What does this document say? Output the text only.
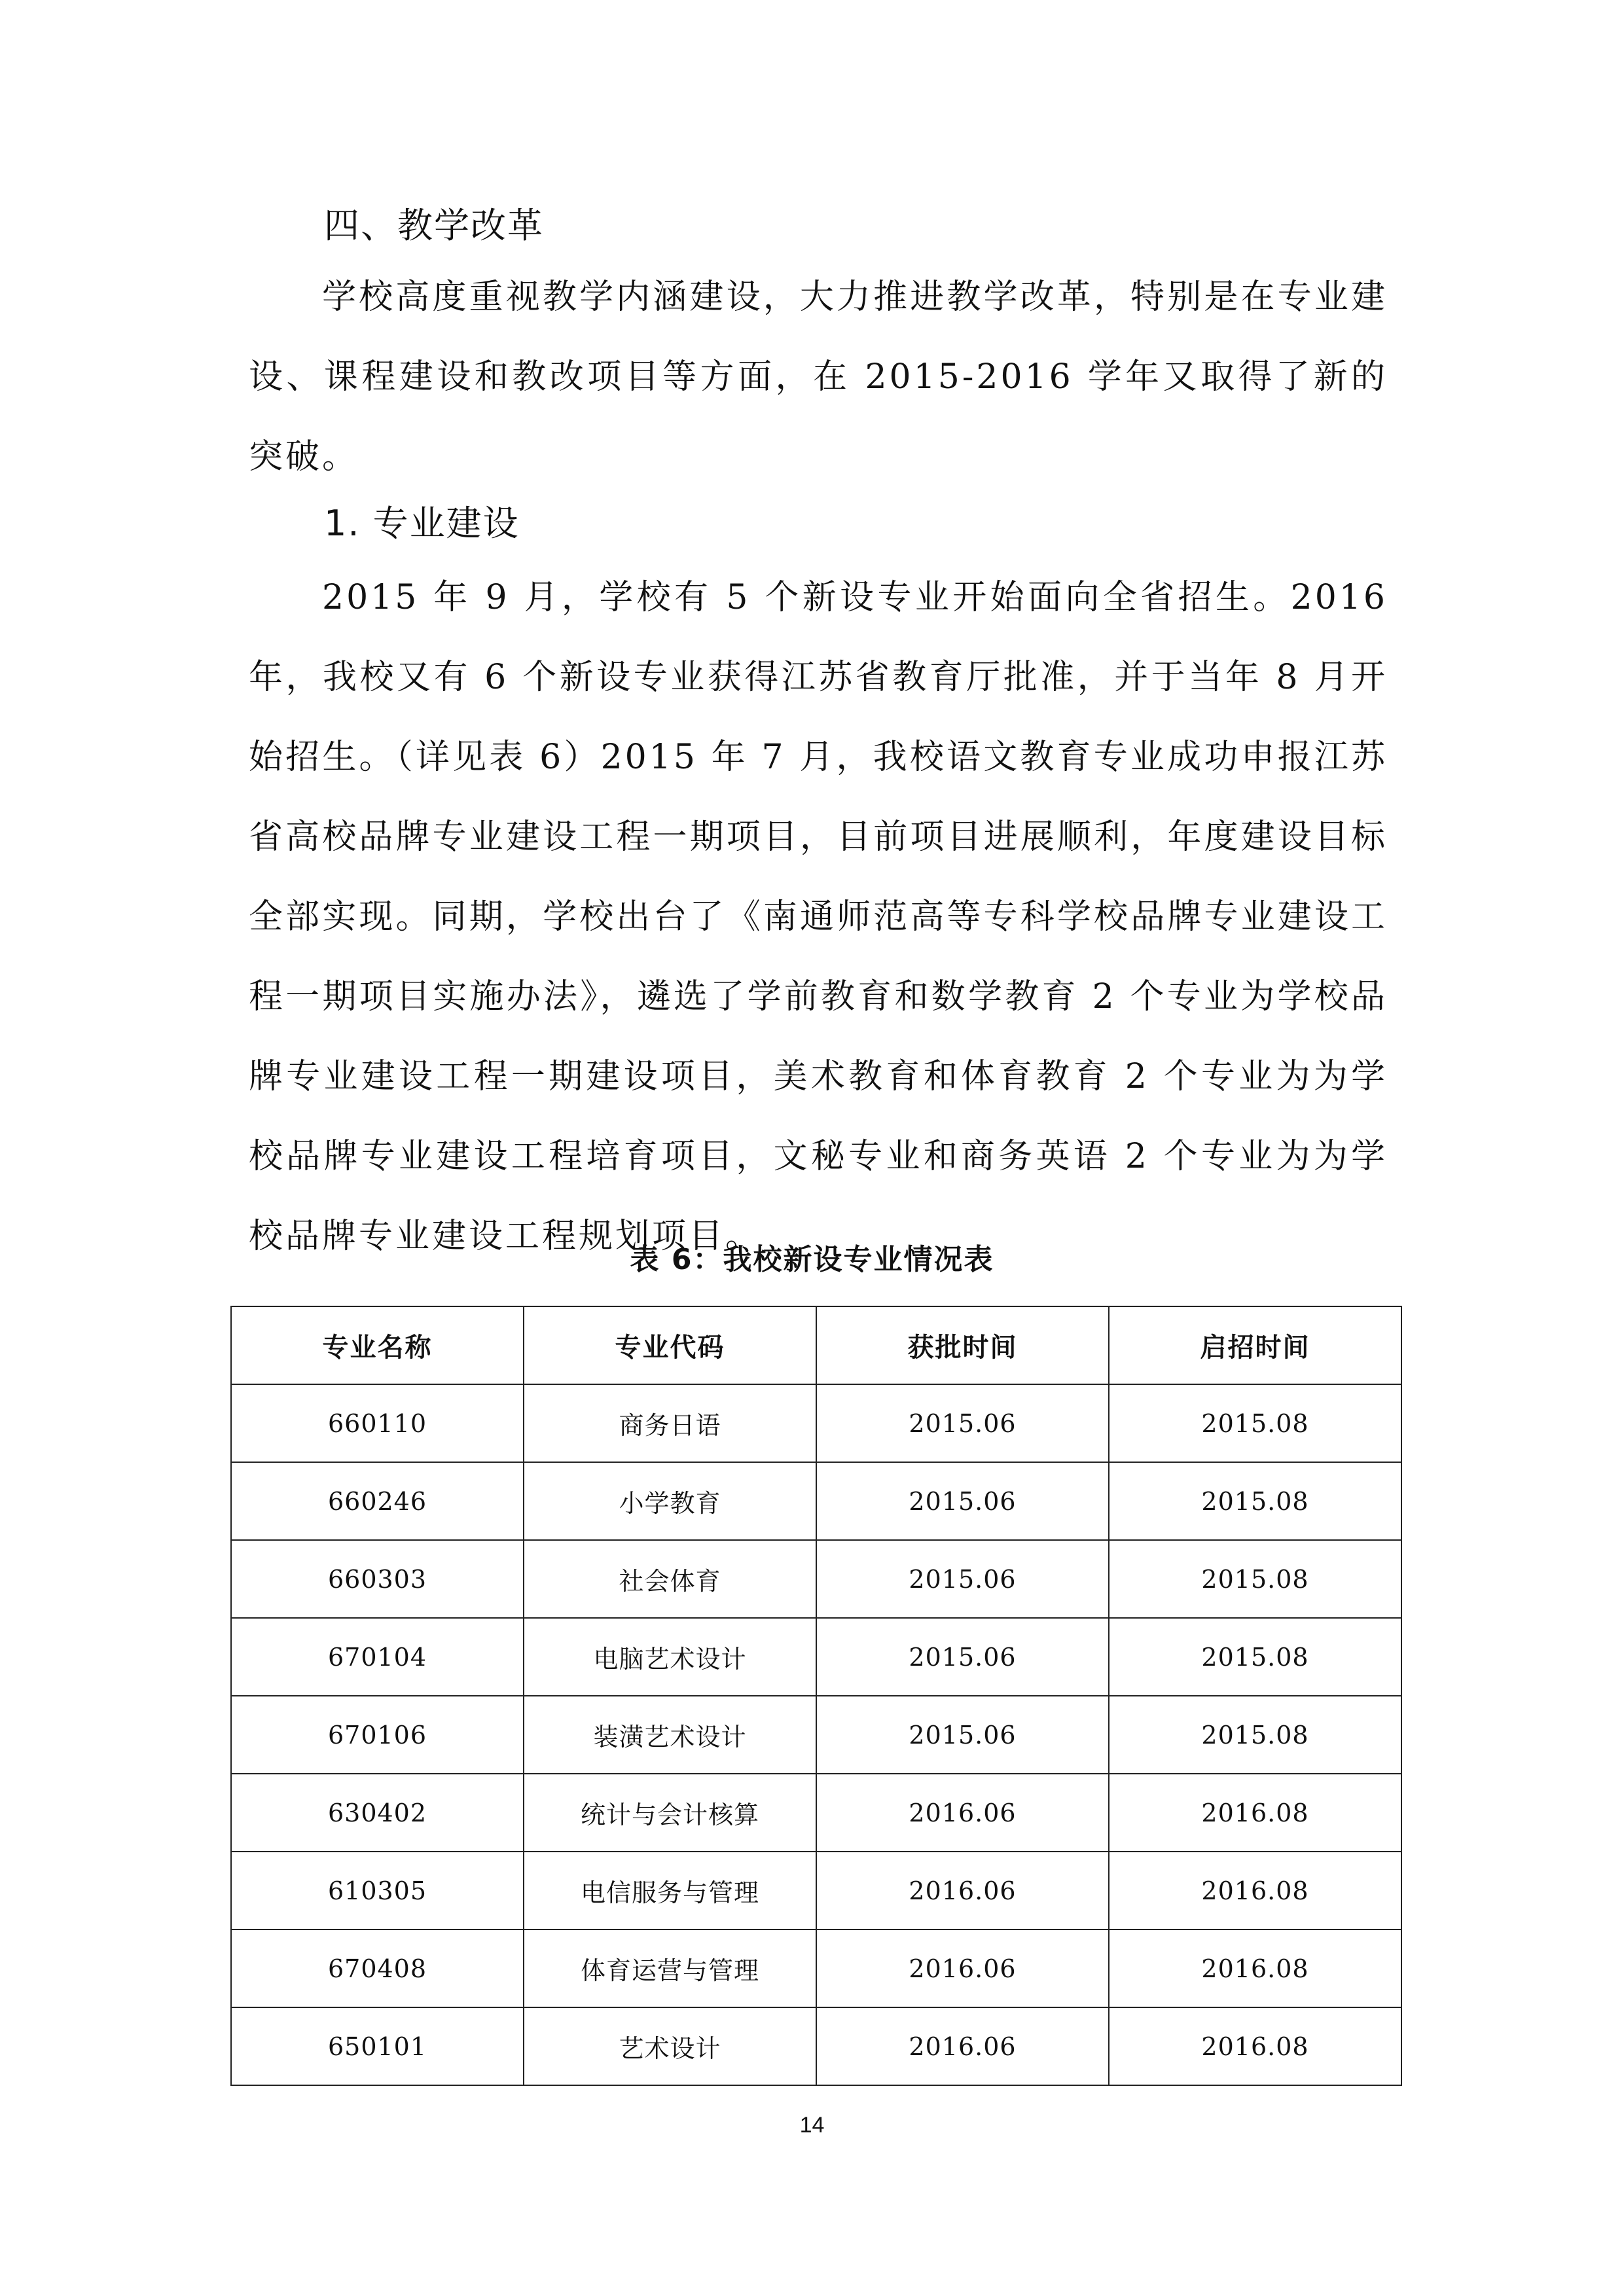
四、教学改革

学校高度重视教学内涵建设，大力推进教学改革，特别是在专业建设、课程建设和教改项目等方面，在 2015-2016 学年又取得了新的突破。

1. 专业建设

2015 年 9 月，学校有 5 个新设专业开始面向全省招生。2016 年，我校又有 6 个新设专业获得江苏省教育厅批准，并于当年 8 月开始招生。（详见表 6）2015 年 7 月，我校语文教育专业成功申报江苏省高校品牌专业建设工程一期项目，目前项目进展顺利，年度建设目标全部实现。同期，学校出台了《南通师范高等专科学校品牌专业建设工程一期项目实施办法》，遴选了学前教育和数学教育 2 个专业为学校品牌专业建设工程一期建设项目，美术教育和体育教育 2 个专业为为学校品牌专业建设工程培育项目，文秘专业和商务英语 2 个专业为为学校品牌专业建设工程规划项目。

表 6：我校新设专业情况表
专业名称	专业代码	获批时间	启招时间
660110	商务日语	2015.06	2015.08
660246	小学教育	2015.06	2015.08
660303	社会体育	2015.06	2015.08
670104	电脑艺术设计	2015.06	2015.08
670106	装潢艺术设计	2015.06	2015.08
630402	统计与会计核算	2016.06	2016.08
610305	电信服务与管理	2016.06	2016.08
670408	体育运营与管理	2016.06	2016.08
650101	艺术设计	2016.06	2016.08
14
